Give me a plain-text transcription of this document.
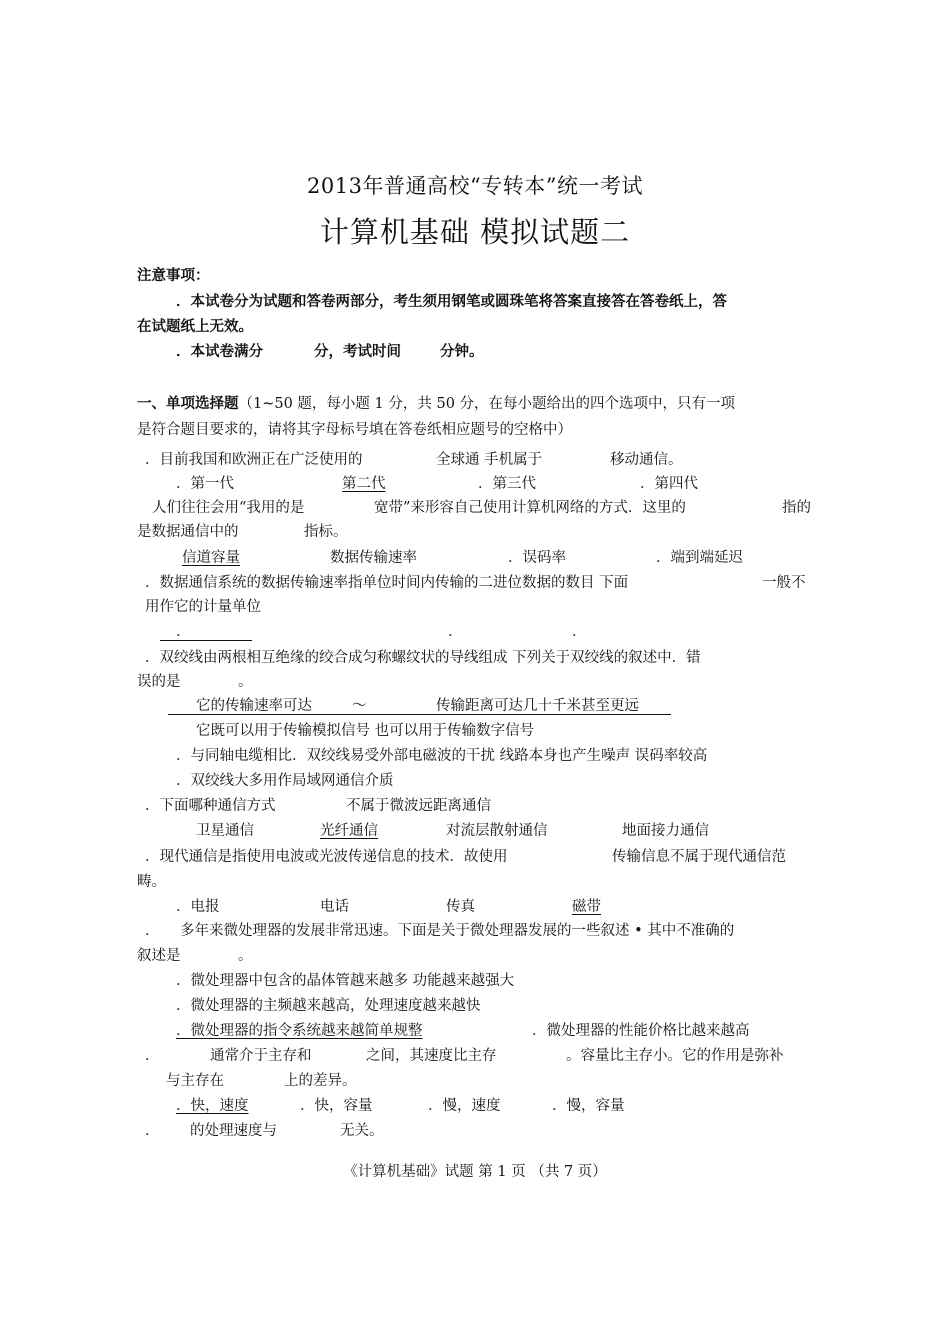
2013年普通高校“专转本”统一考试
计算机基础 模拟试题二
注意事项：
．本试卷分为试题和答卷两部分，考生须用钢笔或圆珠笔将答案直接答在答卷纸上，答
在试题纸上无效。
．本试卷满分	分，考试时间	分钟。
一、单项选择题（1~50 题，每小题 1 分，共 50 分，在每小题给出的四个选项中，只有一项
是符合题目要求的，请将其字母标号填在答卷纸相应题号的空格中）
．目前我国和欧洲正在广泛使用的	全球通 手机属于	移动通信。
．第一代	第二代	．第三代	．第四代
人们往往会用“我用的是	宽带”来形容自己使用计算机网络的方式．这里的	指的
是数据通信中的	指标。
信道容量	数据传输速率	．误码率	．端到端延迟
．数据通信系统的数据传输速率指单位时间内传输的二进位数据的数目 下面	一般不
用作它的计量单位
．	．	．
．双绞线由两根相互绝缘的绞合成匀称螺纹状的导线组成 下列关于双绞线的叙述中．错
误的是	。
它的传输速率可达	～	传输距离可达几十千米甚至更远
它既可以用于传输模拟信号 也可以用于传输数字信号
．与同轴电缆相比．双绞线易受外部电磁波的干扰 线路本身也产生噪声 误码率较高
．双绞线大多用作局域网通信介质
．下面哪种通信方式	不属于微波远距离通信
卫星通信	光纤通信	对流层散射通信	地面接力通信
．现代通信是指使用电波或光波传递信息的技术．故使用	传输信息不属于现代通信范
畴。
．电报	电话	传真	磁带
． 多年来微处理器的发展非常迅速。下面是关于微处理器发展的一些叙述 • 其中不准确的
叙述是	。
．微处理器中包含的晶体管越来越多 功能越来越强大
．微处理器的主频越来越高，处理速度越来越快
．微处理器的指令系统越来越简单规整	．微处理器的性能价格比越来越高
．	通常介于主存和	之间，其速度比主存	。容量比主存小。它的作用是弥补
与主存在	上的差异。
．快，速度	．快，容量	．慢，速度	．慢，容量
． 的处理速度与	无关。
《计算机基础》试题 第 1 页 （共 7 页）
